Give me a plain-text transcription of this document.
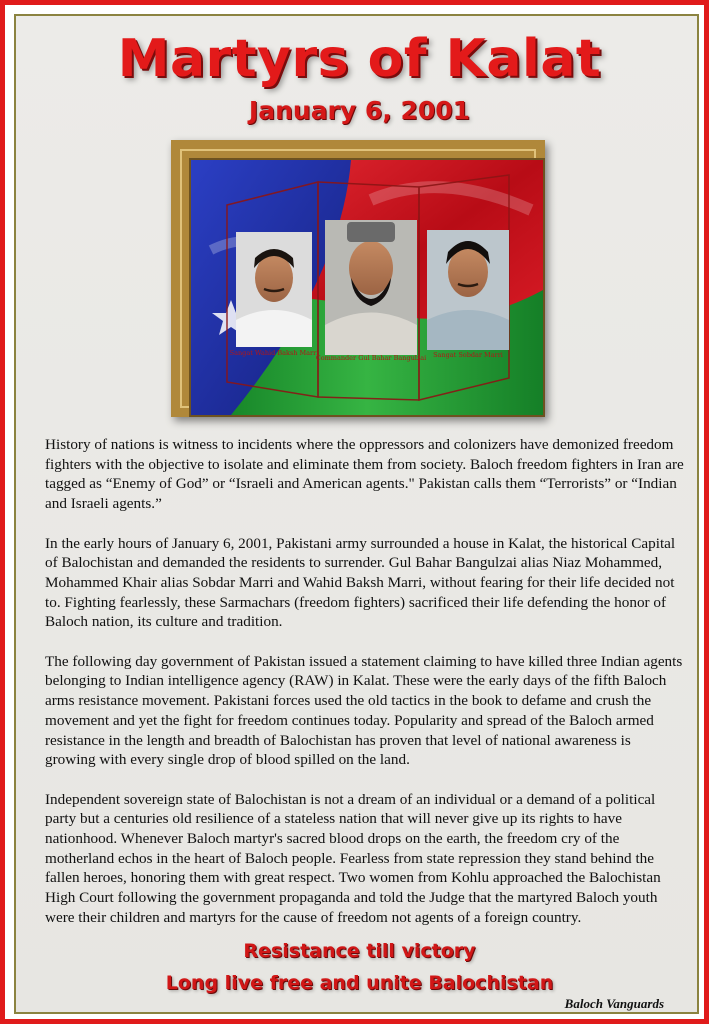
Martyrs of Kalat
January 6, 2001
Sangat Wahid Baksh Marri
Commander Gul Bahar Bangulzai Sangat Sobdar Marri

History of nations is witness to incidents where the oppressors and colonizers have demonized freedom fighters with the objective to isolate and eliminate them from society. Baloch freedom fighters in Iran are tagged as “Enemy of God” or “Israeli and American agents." Pakistan calls them “Terrorists” or “Indian and Israeli agents.”

In the early hours of January 6, 2001, Pakistani army surrounded a house in Kalat, the historical Capital of Balochistan and demanded the residents to surrender. Gul Bahar Bangulzai alias Niaz Mohammed, Mohammed Khair alias Sobdar Marri and Wahid Baksh Marri, without fearing for their life decided not to. Fighting fearlessly, these Sarmachars (freedom fighters) sacrificed their life defending the honor of Baloch nation, its culture and tradition.

The following day government of Pakistan issued a statement claiming to have killed three Indian agents belonging to Indian intelligence agency (RAW) in Kalat. These were the early days of the fifth Baloch arms resistance movement. Pakistani forces used the old tactics in the book to defame and crush the movement and yet the fight for freedom continues today. Popularity and spread of the Baloch armed resistance in the length and breadth of Balochistan has proven that level of national awareness is growing with every single drop of blood spilled on the land.

Independent sovereign state of Balochistan is not a dream of an individual or a demand of a political party but a centuries old resilience of a stateless nation that will never give up its rights to have nationhood. Whenever Baloch martyr's sacred blood drops on the earth, the freedom cry of the motherland echos in the heart of Baloch people. Fearless from state repression they stand behind the fallen heroes, honoring them with great respect. Two women from Kohlu approached the Balochistan High Court following the government propaganda and told the Judge that the martyred Baloch youth were their children and martyrs for the cause of freedom not agents of a foreign country.

Resistance till victory
Long live free and unite Balochistan
Baloch Vanguards
